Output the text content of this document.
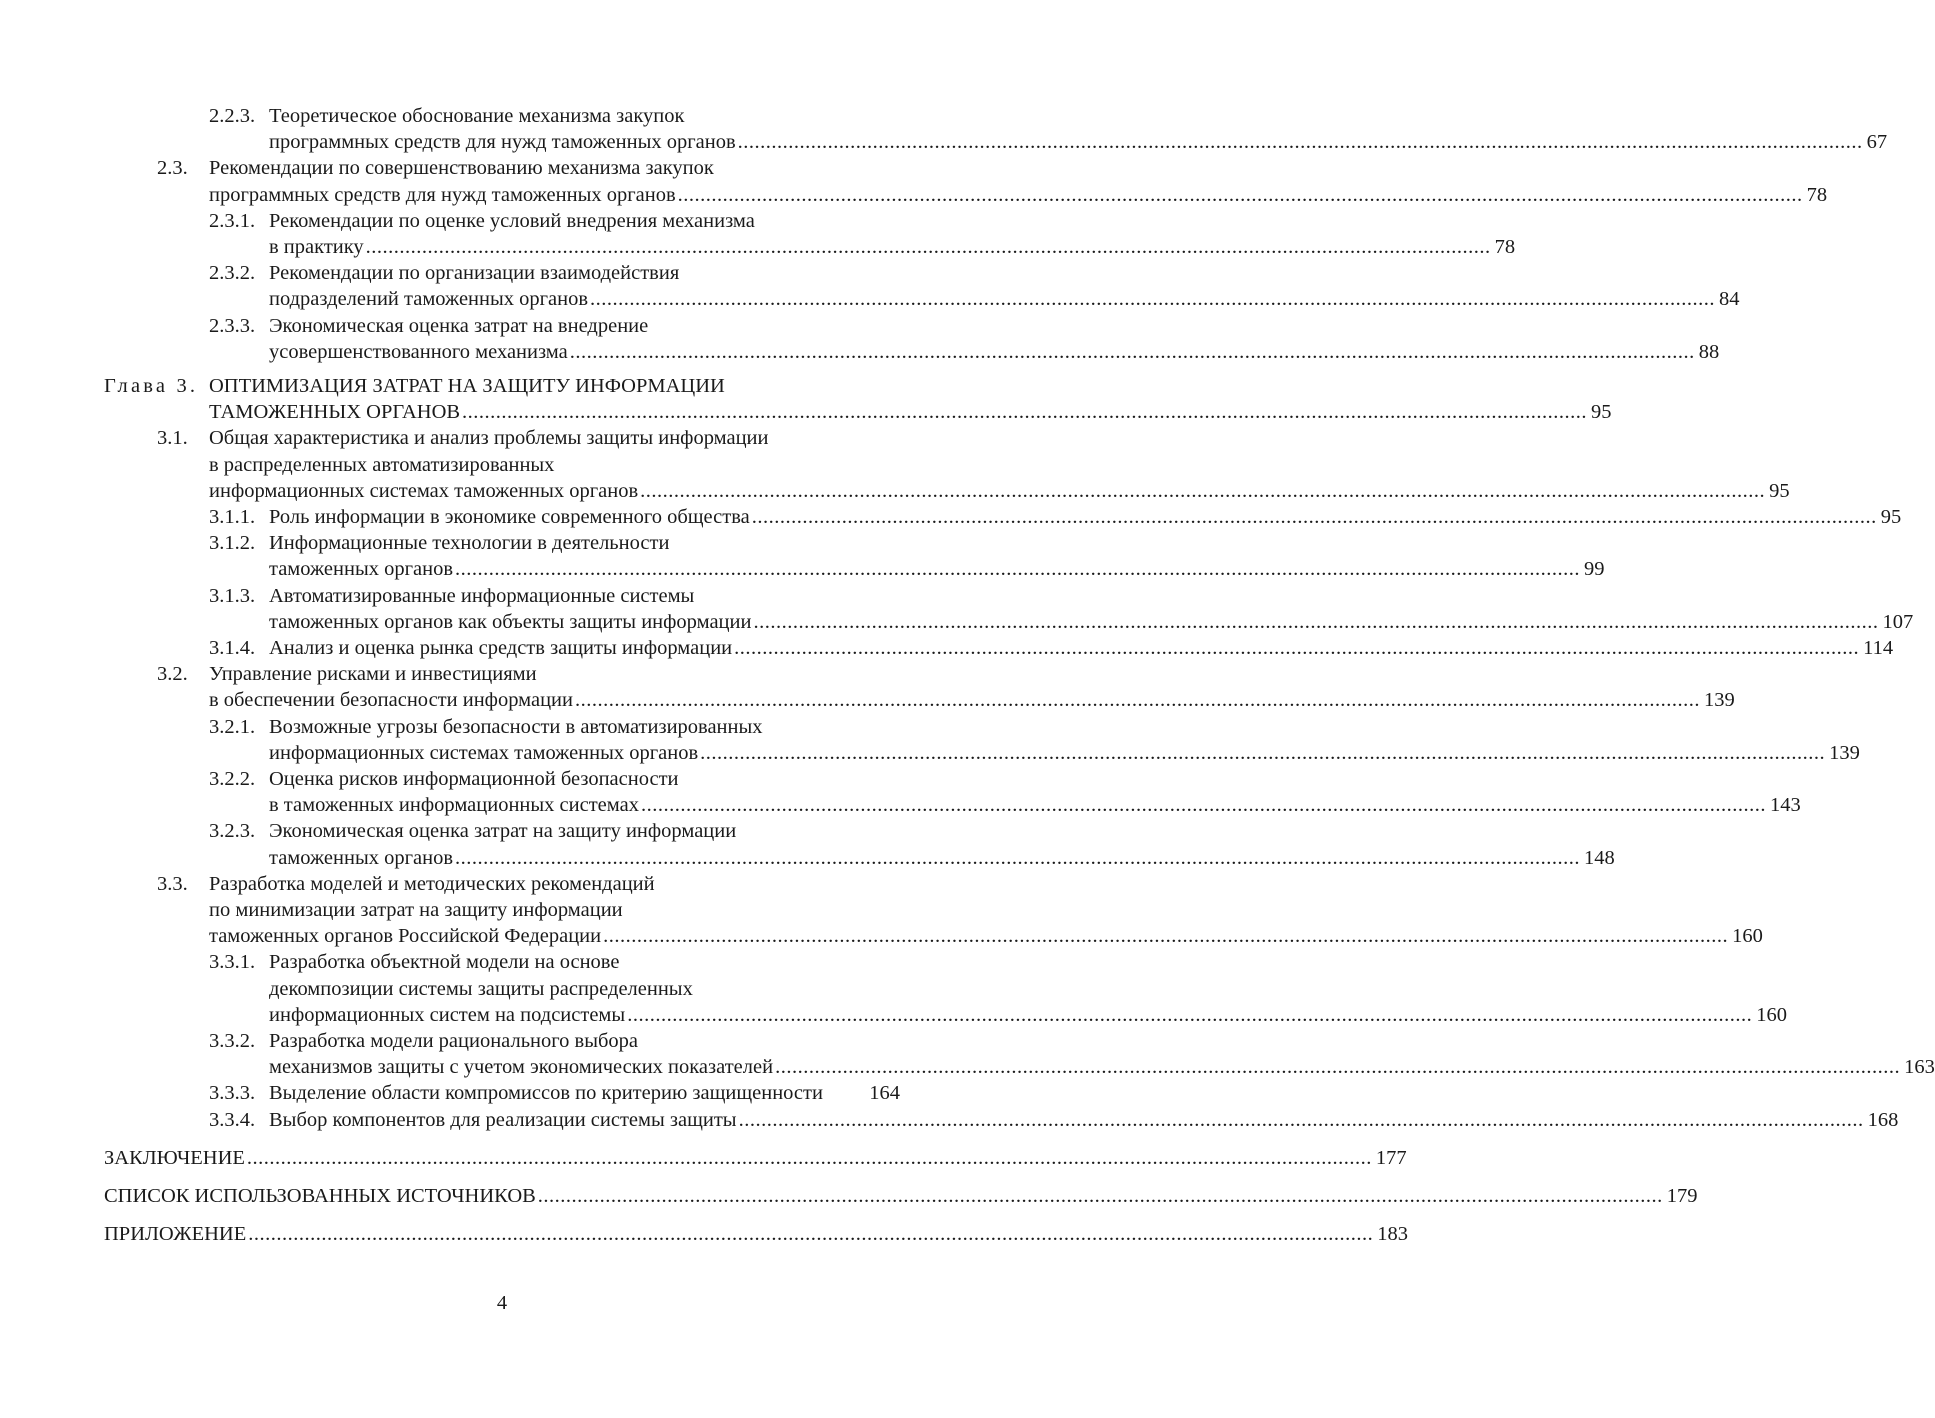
2.2.3. Теоретическое обоснование механизма закупок
программных средств для нужд таможенных органов ........................................................................................................................................................................................................ 67
2.3. Рекомендации по совершенствованию механизма закупок
программных средств для нужд таможенных органов ........................................................................................................................................................................................................ 78
2.3.1. Рекомендации по оценке условий внедрения механизма
в практику ........................................................................................................................................................................................................ 78
2.3.2. Рекомендации по организации взаимодействия
подразделений таможенных органов ........................................................................................................................................................................................................ 84
2.3.3. Экономическая оценка затрат на внедрение
усовершенствованного механизма ........................................................................................................................................................................................................ 88
Глава 3. ОПТИМИЗАЦИЯ ЗАТРАТ НА ЗАЩИТУ ИНФОРМАЦИИ
ТАМОЖЕННЫХ ОРГАНОВ ........................................................................................................................................................................................................ 95
3.1. Общая характеристика и анализ проблемы защиты информации
в распределенных автоматизированных
информационных системах таможенных органов ........................................................................................................................................................................................................ 95
3.1.1. Роль информации в экономике современного общества ........................................................................................................................................................................................................ 95
3.1.2. Информационные технологии в деятельности
таможенных органов ........................................................................................................................................................................................................ 99
3.1.3. Автоматизированные информационные системы
таможенных органов как объекты защиты информации ........................................................................................................................................................................................................ 107
3.1.4. Анализ и оценка рынка средств защиты информации ........................................................................................................................................................................................................ 114
3.2. Управление рисками и инвестициями
в обеспечении безопасности информации ........................................................................................................................................................................................................ 139
3.2.1. Возможные угрозы безопасности в автоматизированных
информационных системах таможенных органов ........................................................................................................................................................................................................ 139
3.2.2. Оценка рисков информационной безопасности
в таможенных информационных системах ........................................................................................................................................................................................................ 143
3.2.3. Экономическая оценка затрат на защиту информации
таможенных органов ........................................................................................................................................................................................................ 148
3.3. Разработка моделей и методических рекомендаций
по минимизации затрат на защиту информации
таможенных органов Российской Федерации ........................................................................................................................................................................................................ 160
3.3.1. Разработка объектной модели на основе
декомпозиции системы защиты распределенных
информационных систем на подсистемы ........................................................................................................................................................................................................ 160
3.3.2. Разработка модели рационального выбора
механизмов защиты с учетом экономических показателей ........................................................................................................................................................................................................ 163
3.3.3. Выделение области компромиссов по критерию защищенности 164
3.3.4. Выбор компонентов для реализации системы защиты ........................................................................................................................................................................................................ 168
ЗАКЛЮЧЕНИЕ ........................................................................................................................................................................................................ 177
СПИСОК ИСПОЛЬЗОВАННЫХ ИСТОЧНИКОВ ........................................................................................................................................................................................................ 179
ПРИЛОЖЕНИЕ ........................................................................................................................................................................................................ 183
4
